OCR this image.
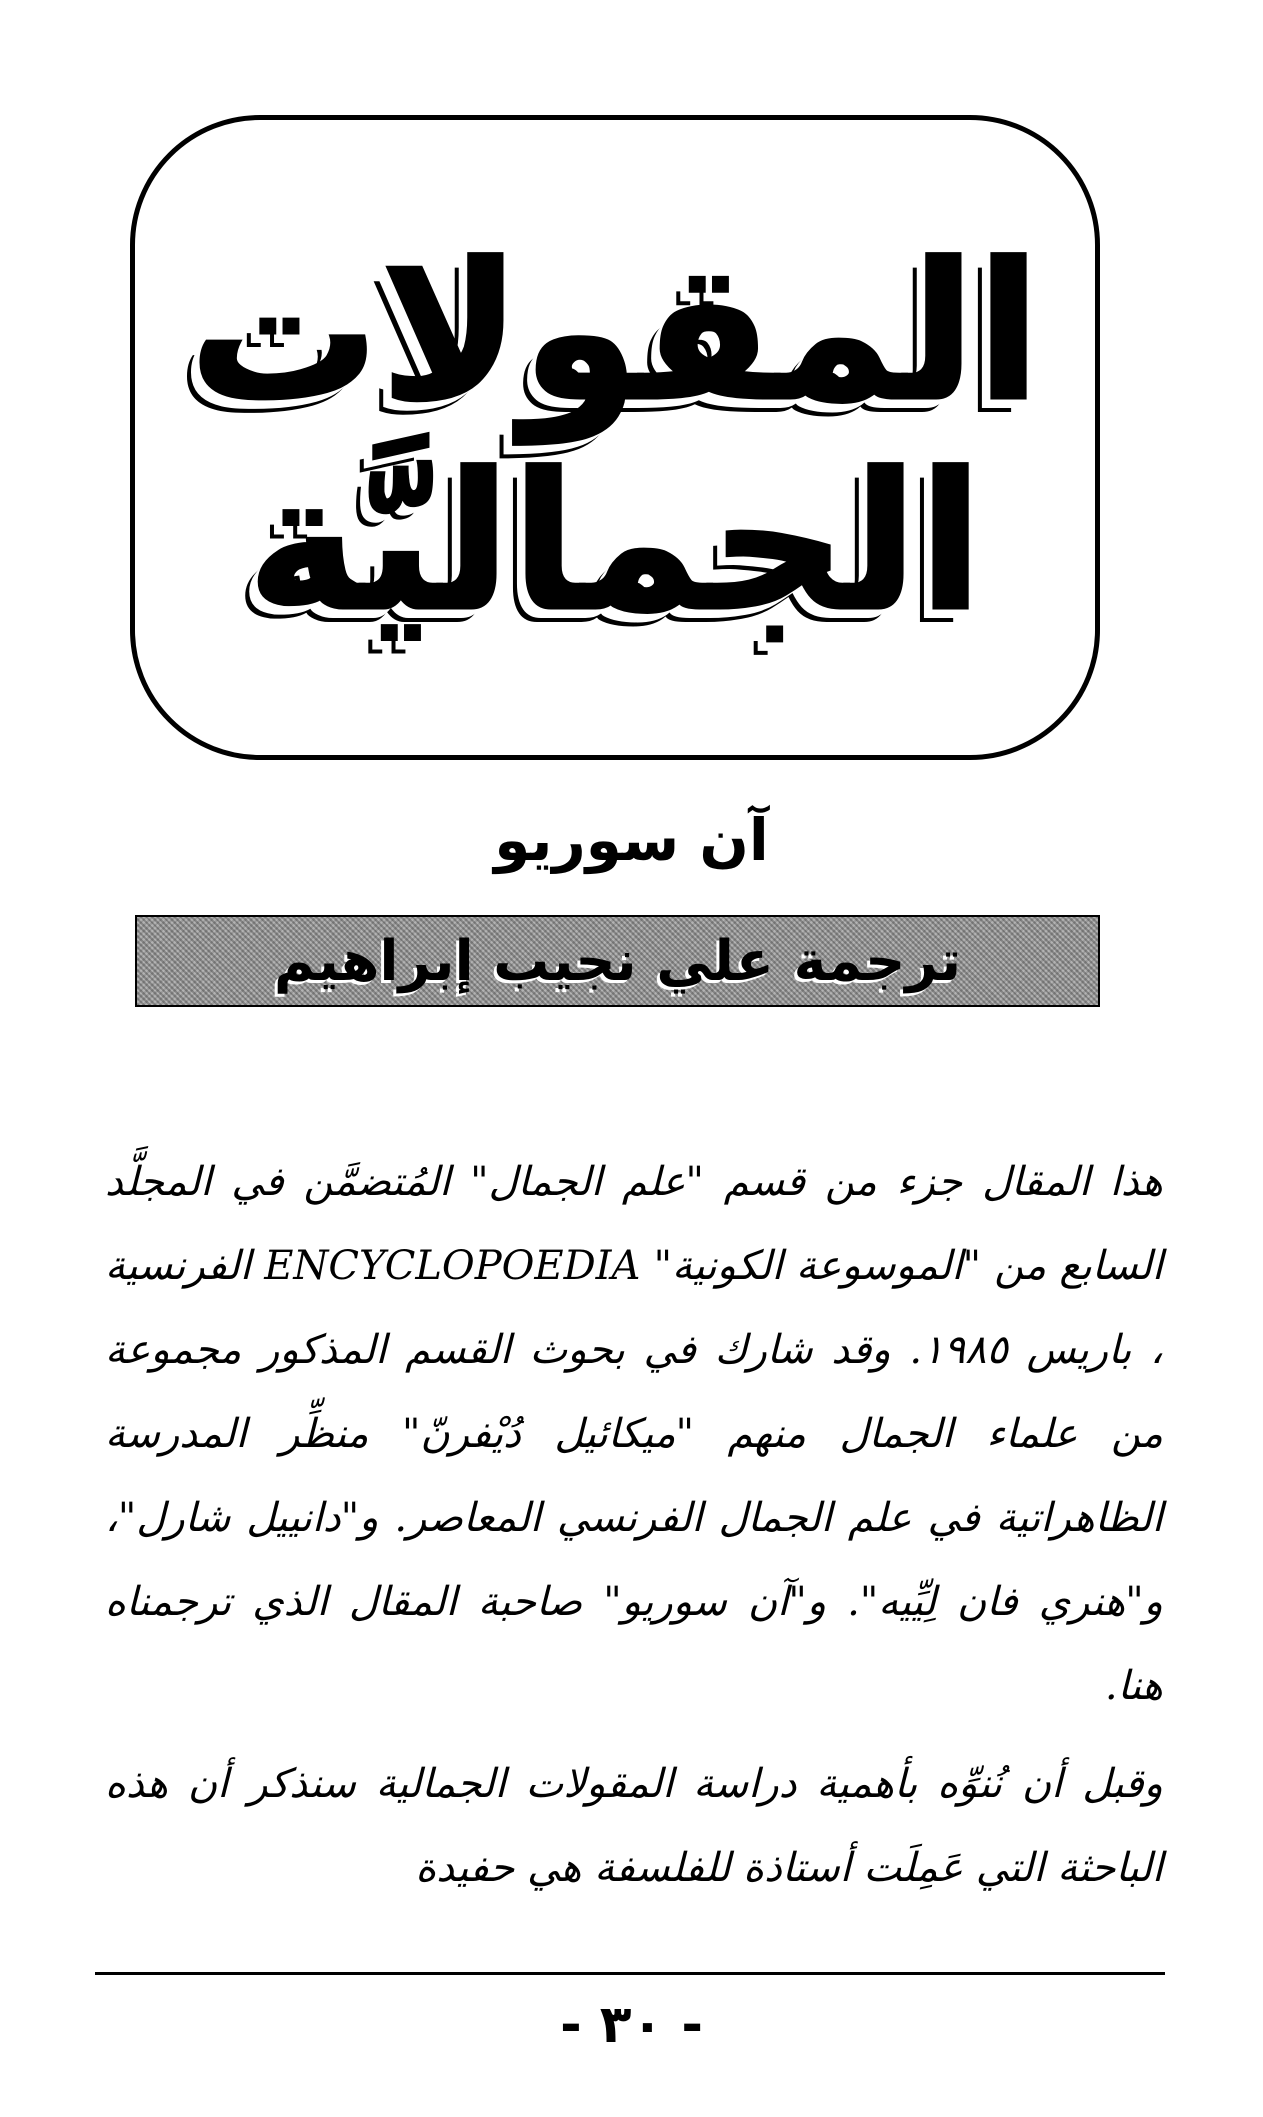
المقولات
الجماليَّة
آن سوريو
ترجمة علي نجيب إبراهيم

هذا المقال جزء من قسم "علم الجمال" المُتضمَّن في المجلَّد السابع من "الموسوعة الكونية" ENCYCLOPOEDIA الفرنسية ، باريس ١٩٨٥. وقد شارك في بحوث القسم المذكور مجموعة من علماء الجمال منهم "ميكائيل دُيْفرنّ" منظِّر المدرسة الظاهراتية في علم الجمال الفرنسي المعاصر. و"دانييل شارل"، و"هنري فان لِيِّيه". و"آن سوريو" صاحبة المقال الذي ترجمناه هنا.

وقبل أن نُنوِّه بأهمية دراسة المقولات الجمالية سنذكر أن هذه الباحثة التي عَمِلَت أستاذة للفلسفة هي حفيدة

- ٣٠ -
